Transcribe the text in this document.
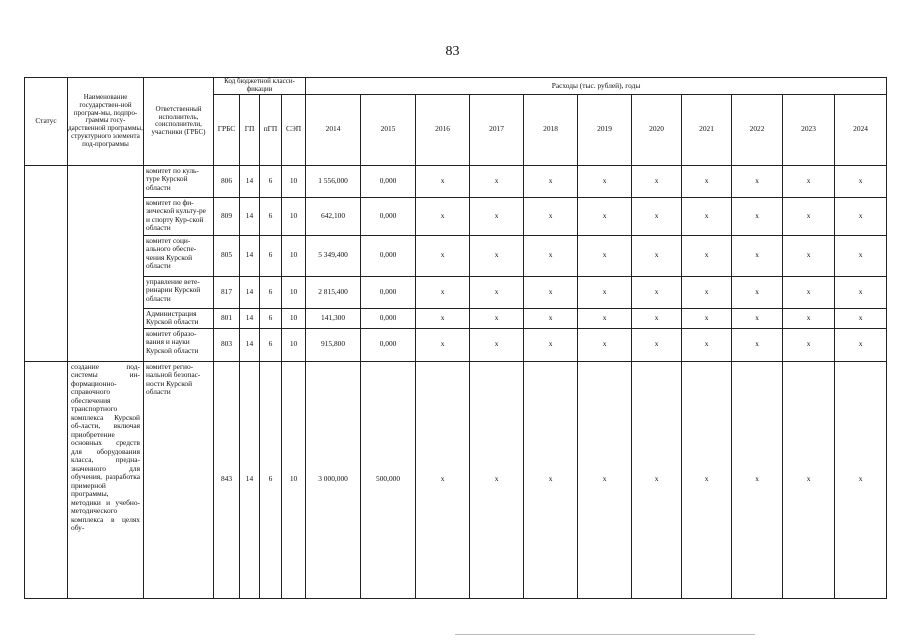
83
Статус	Наименование государствен-ной програм-мы, подпро-граммы госу-дарственной программы, структурного элемента под-программы	Ответственный исполнитель, соисполнители, участники (ГРБС)	Код бюджетной класси-фикации				Расходы (тыс. рублей), годы										
			ГРБС	ГП	пГП	СЭП	2014	2015	2016	2017	2018	2019	2020	2021	2022	2023	2024
		комитет по куль-туре Курской области	806	14	6	10	1 556,000	0,000	x	x	x	x	x	x	x	x	x
		комитет по фи-зической культу-ре и спорту Кур-ской области	809	14	6	10	642,100	0,000	x	x	x	x	x	x	x	x	x
		комитет соци-ального обеспе-чения Курской области	805	14	6	10	5 349,400	0,000	x	x	x	x	x	x	x	x	x
		управление вете-ринарии Курской области	817	14	6	10	2 815,400	0,000	x	x	x	x	x	x	x	x	x
		Администрация Курской области	801	14	6	10	141,300	0,000	x	x	x	x	x	x	x	x	x
		комитет образо-вания и науки Курской области	803	14	6	10	915,800	0,000	x	x	x	x	x	x	x	x	x
	создание под-системы ин-формационно-справочного обеспечения транспортного комплекса Курской об-ласти, включая приобретение основных средств для оборудования класса, предна-значенного для обучения, разработка примерной программы, методики и учебно-методического комплекса в целях обу-	комитет регио-нальной безопас-ности Курской области	843	14	6	10	3 000,000	500,000	x	x	x	x	x	x	x	x	x
